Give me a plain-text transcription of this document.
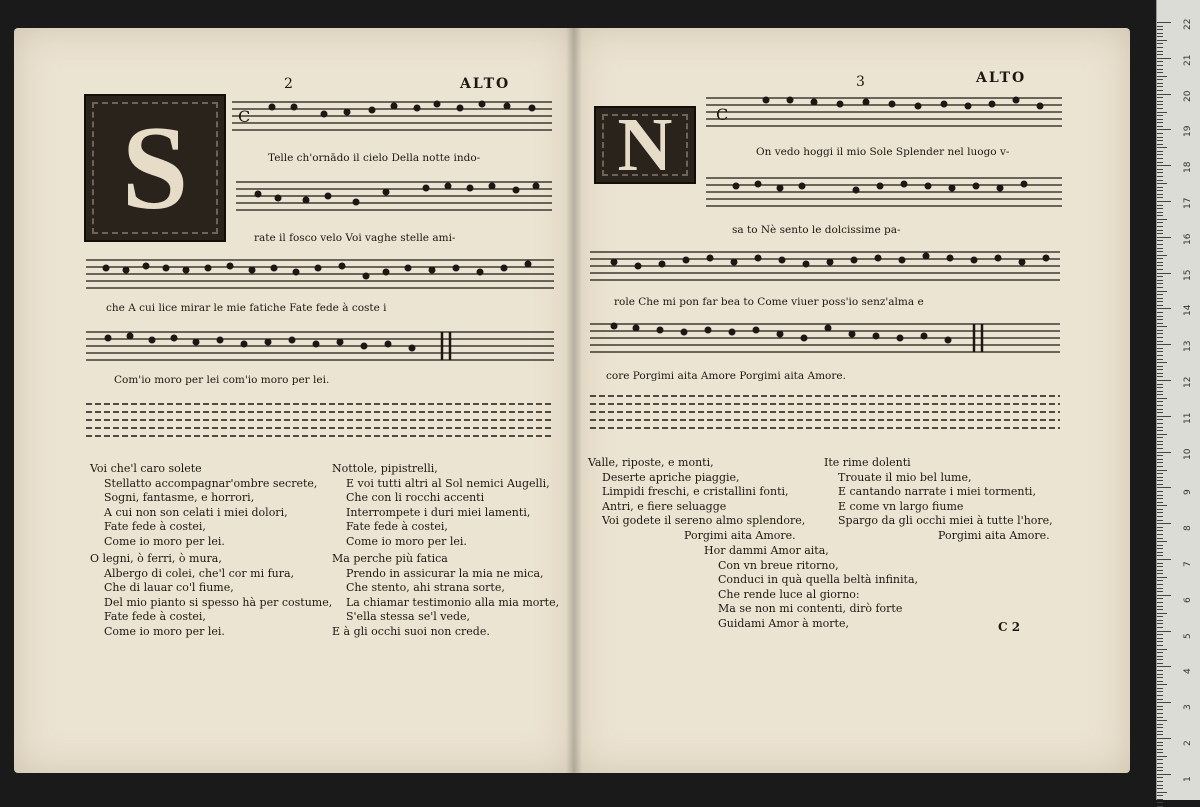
2	ALTO
S	C
Telle ch'ornādo il cielo Della notte indo-
rate il fosco velo Voi vaghe stelle ami-
che A cui lice mirar le mie fatiche Fate fede à coste i
Com'io moro per lei com'io moro per lei.
Voi che'l caro solete
Stellatto accompagnar'ombre secrete,
Sogni, fantasme, e horrori,
A cui non son celati i miei dolori,
Fate fede à costei,
Come io moro per lei.
O legni, ò ferri, ò mura,
Albergo di colei, che'l cor mi fura,
Che di lauar co'l fiume,
Del mio pianto si spesso hà per costume,
Fate fede à costei,
Come io moro per lei.
Nottole, pipistrelli,
E voi tutti altri al Sol nemici Augelli,
Che con li rocchi accenti
Interrompete i duri miei lamenti,
Fate fede à costei,
Come io moro per lei.
Ma perche più fatica
Prendo in assicurar la mia ne mica,
Che stento, ahi strana sorte,
La chiamar testimonio alla mia morte,
S'ella stessa se'l vede,
E à gli occhi suoi non crede.
3	ALTO
N	C
On vedo hoggi il mio Sole Splender nel luogo v-
sa to Nè sento le dolcissime pa-
role Che mi pon far bea to Come viuer poss'io senz'alma e
core Porgimi aita Amore Porgimi aita Amore.
Valle, riposte, e monti,
Deserte apriche piaggie,
Limpidi freschi, e cristallini fonti,
Antri, e fiere seluagge
Voi godete il sereno almo splendore,
Porgimi aita Amore.
Ite rime dolenti
Trouate il mio bel lume,
E cantando narrate i miei tormenti,
E come vn largo fiume
Spargo da gli occhi miei à tutte l'hore,
Porgimi aita Amore.
Hor dammi Amor aita,
Con vn breue ritorno,
Conduci in quà quella beltà infinita,
Che rende luce al giorno:
Ma se non mi contenti, dirò forte
Guidami Amor à morte,	C 2
22
21
20
19
18
17
16
15
14
13
12
11
10
9
8
7
6
5
4
3
2
1
